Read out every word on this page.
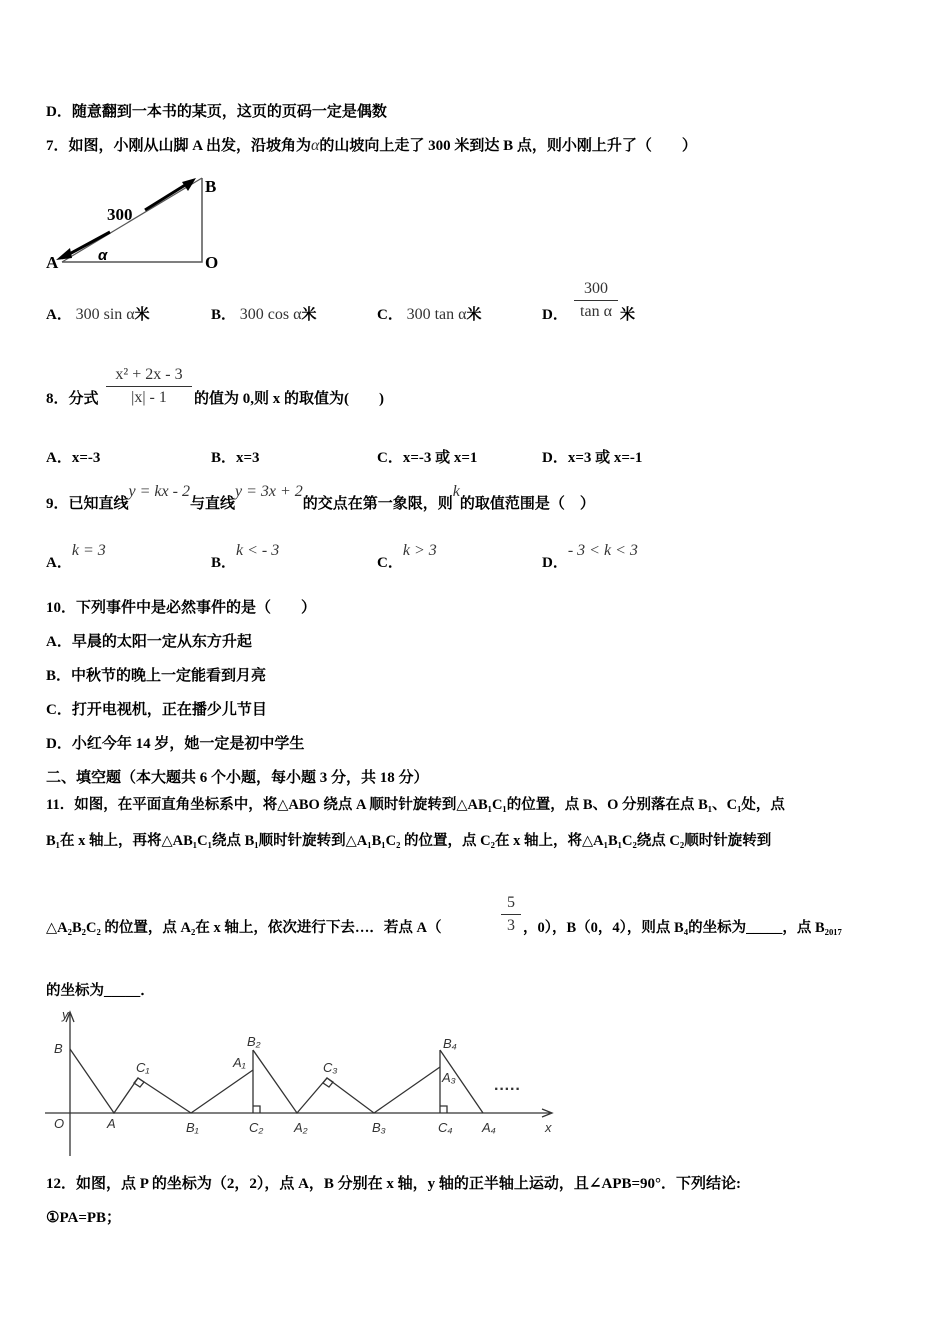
D．随意翻到一本书的某页，这页的页码一定是偶数
7．如图，小刚从山脚 A 出发，沿坡角为α的山坡向上走了 300 米到达 B 点，则小刚上升了（　　）
300
A
B
O
α
A． 300 sin α米	B． 300 cos α米	C． 300 tan α米	D．
300
tan α 米
8．分式
x² + 2x - 3
|x| - 1	的值为 0,则 x 的取值为(　　)
A．x=-3	B．x=3	C．x=-3 或 x=1	D．x=3 或 x=-1
9．已知直线y = kx - 2与直线y = 3x + 2的交点在第一象限，则k的取值范围是（　）
A．k = 3
B．k < - 3
C．k > 3
D．- 3 < k < 3
10．下列事件中是必然事件的是（　　）
A．早晨的太阳一定从东方升起
B．中秋节的晚上一定能看到月亮
C．打开电视机，正在播少儿节目
D．小红今年 14 岁，她一定是初中学生
二、填空题（本大题共 6 个小题，每小题 3 分，共 18 分）
11．如图，在平面直角坐标系中，将△ABO 绕点 A 顺时针旋转到△AB₁C₁的位置，点 B、O 分别落在点 B₁、C₁处，点
B₁在 x 轴上，再将△AB₁C₁绕点 B₁顺时针旋转到△A₁B₁C₂ 的位置，点 C₂在 x 轴上，将△A₁B₁C₂绕点 C₂顺时针旋转到
△A₂B₂C₂ 的位置，点 A₂在 x 轴上，依次进行下去…．若点 A（
5
3 ，0），B（0，4），则点 B₄的坐标为_____，点 B₂₀₁₇
的坐标为_____．
y
B
O	A
C₁
B₁
A₁
B₂
C₂ A₂
C₃
B₃
B₄
A₃
C₄ A₄	x
·····
12．如图，点 P 的坐标为（2，2），点 A，B 分别在 x 轴，y 轴的正半轴上运动，且∠APB=90°．下列结论:
①PA=PB；
